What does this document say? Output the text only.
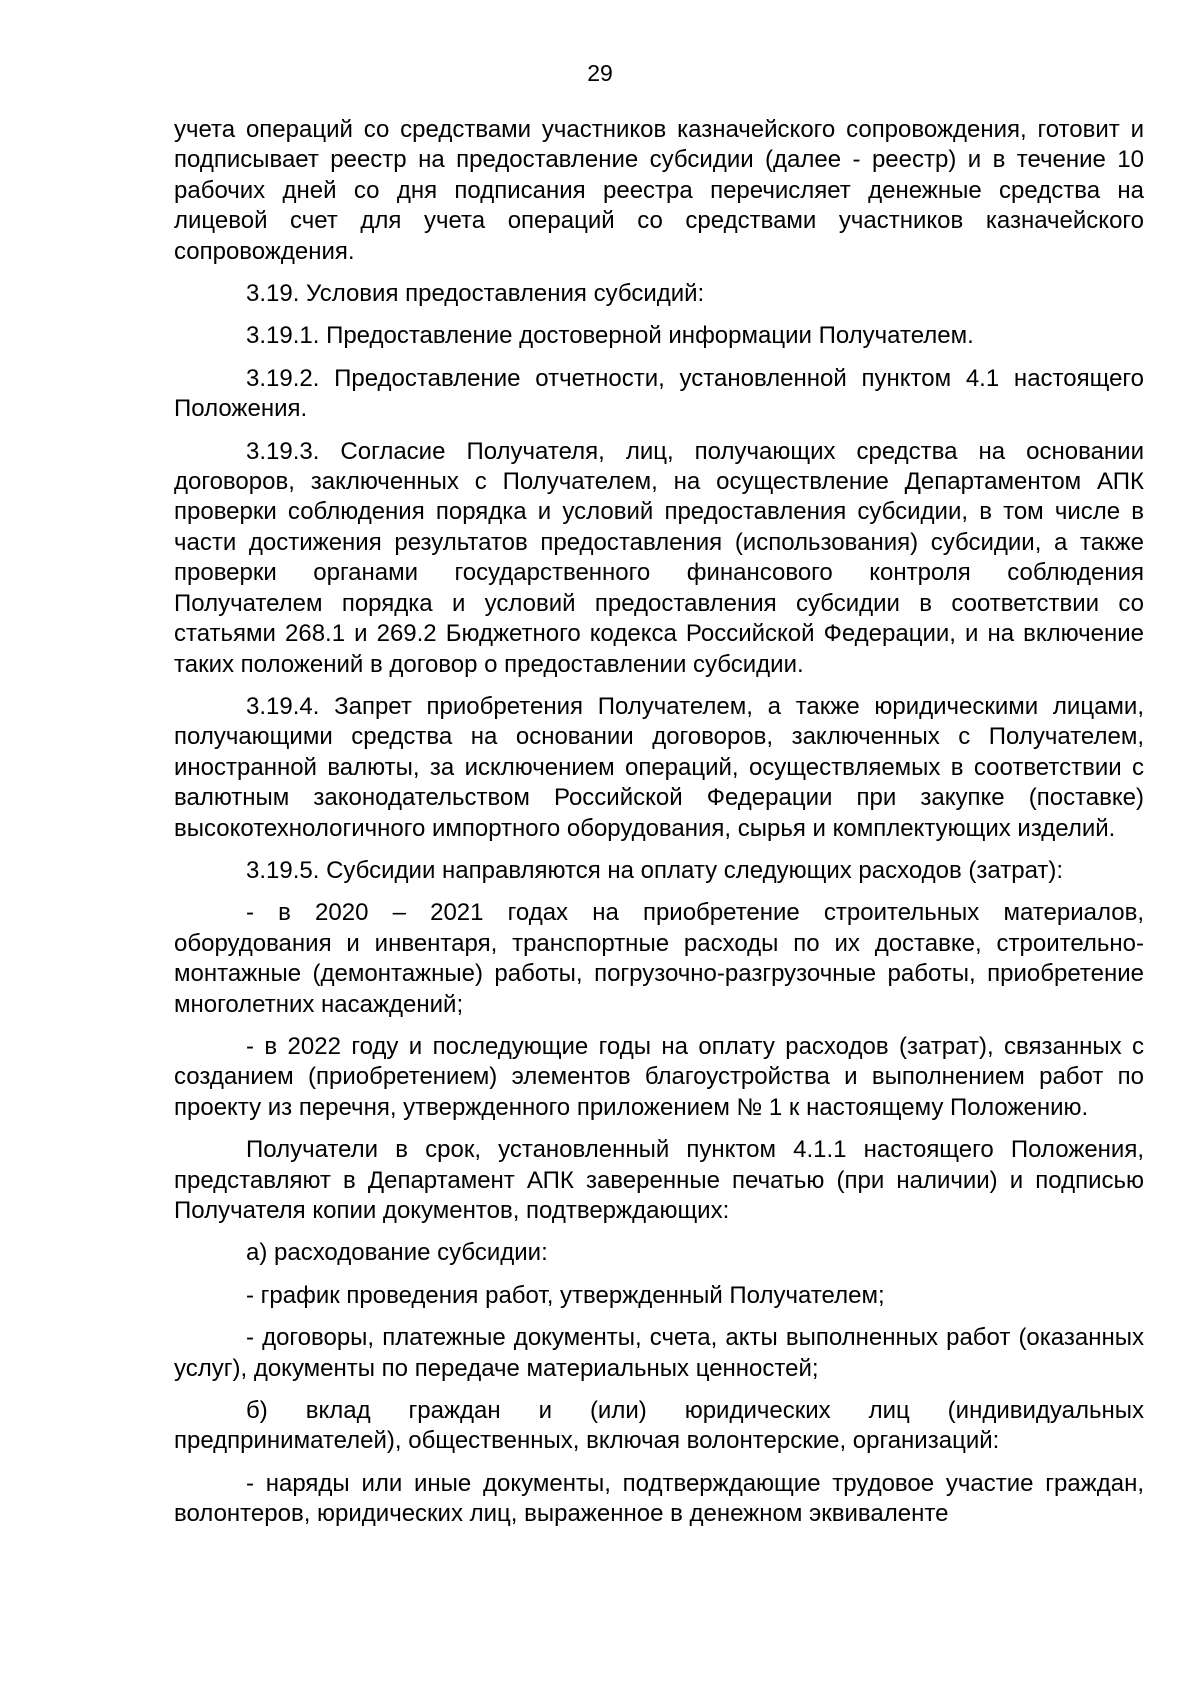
29

учета операций со средствами участников казначейского сопровождения, готовит и подписывает реестр на предоставление субсидии (далее - реестр) и в течение 10 рабочих дней со дня подписания реестра перечисляет денежные средства на лицевой счет для учета операций со средствами участников казначейского сопровождения.

3.19. Условия предоставления субсидий:

3.19.1. Предоставление достоверной информации Получателем.

3.19.2. Предоставление отчетности, установленной пунктом 4.1 настоящего Положения.

3.19.3. Согласие Получателя, лиц, получающих средства на основании договоров, заключенных с Получателем, на осуществление Департаментом АПК проверки соблюдения порядка и условий предоставления субсидии, в том числе в части достижения результатов предоставления (использования) субсидии, а также проверки органами государственного финансового контроля соблюдения Получателем порядка и условий предоставления субсидии в соответствии со статьями 268.1 и 269.2 Бюджетного кодекса Российской Федерации, и на включение таких положений в договор о предоставлении субсидии.

3.19.4. Запрет приобретения Получателем, а также юридическими лицами, получающими средства на основании договоров, заключенных с Получателем, иностранной валюты, за исключением операций, осуществляемых в соответствии с валютным законодательством Российской Федерации при закупке (поставке) высокотехнологичного импортного оборудования, сырья и комплектующих изделий.

3.19.5. Субсидии направляются на оплату следующих расходов (затрат):

- в 2020 – 2021 годах на приобретение строительных материалов, оборудования и инвентаря, транспортные расходы по их доставке, строительно-монтажные (демонтажные) работы, погрузочно-разгрузочные работы, приобретение многолетних насаждений;

- в 2022 году и последующие годы на оплату расходов (затрат), связанных с созданием (приобретением) элементов благоустройства и выполнением работ по проекту из перечня, утвержденного приложением № 1 к настоящему Положению.

Получатели в срок, установленный пунктом 4.1.1 настоящего Положения, представляют в Департамент АПК заверенные печатью (при наличии) и подписью Получателя копии документов, подтверждающих:

а) расходование субсидии:

- график проведения работ, утвержденный Получателем;

- договоры, платежные документы, счета, акты выполненных работ (оказанных услуг), документы по передаче материальных ценностей;

б) вклад граждан и (или) юридических лиц (индивидуальных предпринимателей), общественных, включая волонтерские, организаций:

- наряды или иные документы, подтверждающие трудовое участие граждан, волонтеров, юридических лиц, выраженное в денежном эквиваленте
